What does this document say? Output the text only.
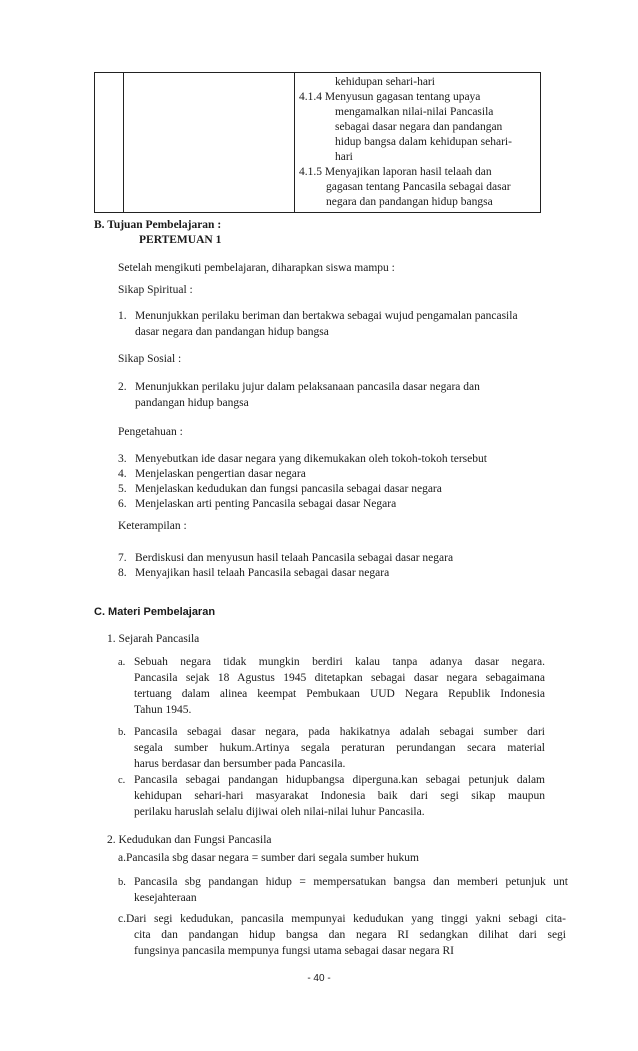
kehidupan sehari-hari
4.1.4 Menyusun gagasan tentang upaya
mengamalkan nilai-nilai Pancasila
sebagai dasar negara dan pandangan
hidup bangsa dalam kehidupan sehari-
hari
4.1.5 Menyajikan laporan hasil telaah dan
gagasan tentang Pancasila sebagai dasar
negara dan pandangan hidup bangsa
B. Tujuan Pembelajaran :
PERTEMUAN 1
Setelah mengikuti pembelajaran, diharapkan siswa mampu :
Sikap Spiritual :
1. Menunjukkan perilaku beriman dan bertakwa sebagai wujud pengamalan pancasila
dasar negara dan pandangan hidup bangsa
Sikap Sosial :
2. Menunjukkan perilaku jujur dalam pelaksanaan pancasila dasar negara dan
pandangan hidup bangsa
Pengetahuan :
3. Menyebutkan ide dasar negara yang dikemukakan oleh tokoh-tokoh tersebut
4. Menjelaskan pengertian dasar negara
5. Menjelaskan kedudukan dan fungsi pancasila sebagai dasar negara
6. Menjelaskan arti penting Pancasila sebagai dasar Negara
Keterampilan :
7. Berdiskusi dan menyusun hasil telaah Pancasila sebagai dasar negara
8. Menyajikan hasil telaah Pancasila sebagai dasar negara
C. Materi Pembelajaran
1. Sejarah Pancasila
a. Sebuah negara tidak mungkin berdiri kalau tanpa adanya dasar negara.
Pancasila sejak 18 Agustus 1945 ditetapkan sebagai dasar negara sebagaimana
tertuang dalam alinea keempat Pembukaan UUD Negara Republik Indonesia
Tahun 1945.
b. Pancasila sebagai dasar negara, pada hakikatnya adalah sebagai sumber dari
segala sumber hukum.Artinya segala peraturan perundangan secara material
harus berdasar dan bersumber pada Pancasila.
c. Pancasila sebagai pandangan hidupbangsa diperguna.kan sebagai petunjuk dalam
kehidupan sehari-hari masyarakat Indonesia baik dari segi sikap maupun
perilaku haruslah selalu dijiwai oleh nilai-nilai luhur Pancasila.
2. Kedudukan dan Fungsi Pancasila
a.Pancasila sbg dasar negara = sumber dari segala sumber hukum
b. Pancasila sbg pandangan hidup = mempersatukan bangsa dan memberi petunjuk unt
kesejahteraan
c.Dari segi kedudukan, pancasila mempunyai kedudukan yang tinggi yakni sebagi cita-
cita dan pandangan hidup bangsa dan negara RI sedangkan dilihat dari segi
fungsinya pancasila mempunya fungsi utama sebagai dasar negara RI
- 40 -
